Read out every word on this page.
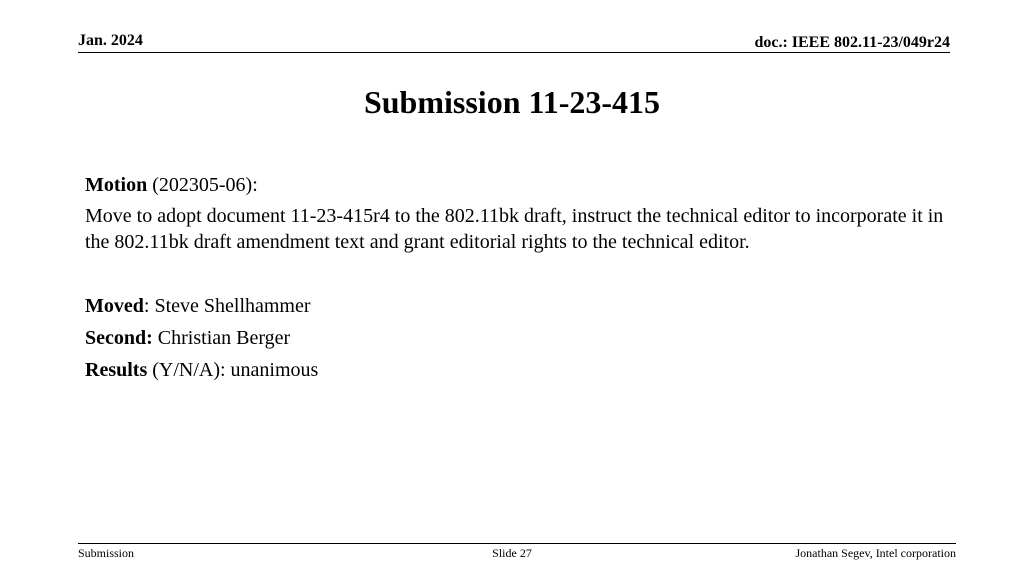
Jan. 2024	doc.: IEEE 802.11-23/049r24
Submission 11-23-415
Motion (202305-06):
Move to adopt document 11-23-415r4 to the 802.11bk draft, instruct the technical editor to incorporate it in the 802.11bk draft amendment text and grant editorial rights to the technical editor.
Moved: Steve Shellhammer
Second: Christian Berger
Results (Y/N/A): unanimous
Submission	Slide 27	Jonathan Segev, Intel corporation
